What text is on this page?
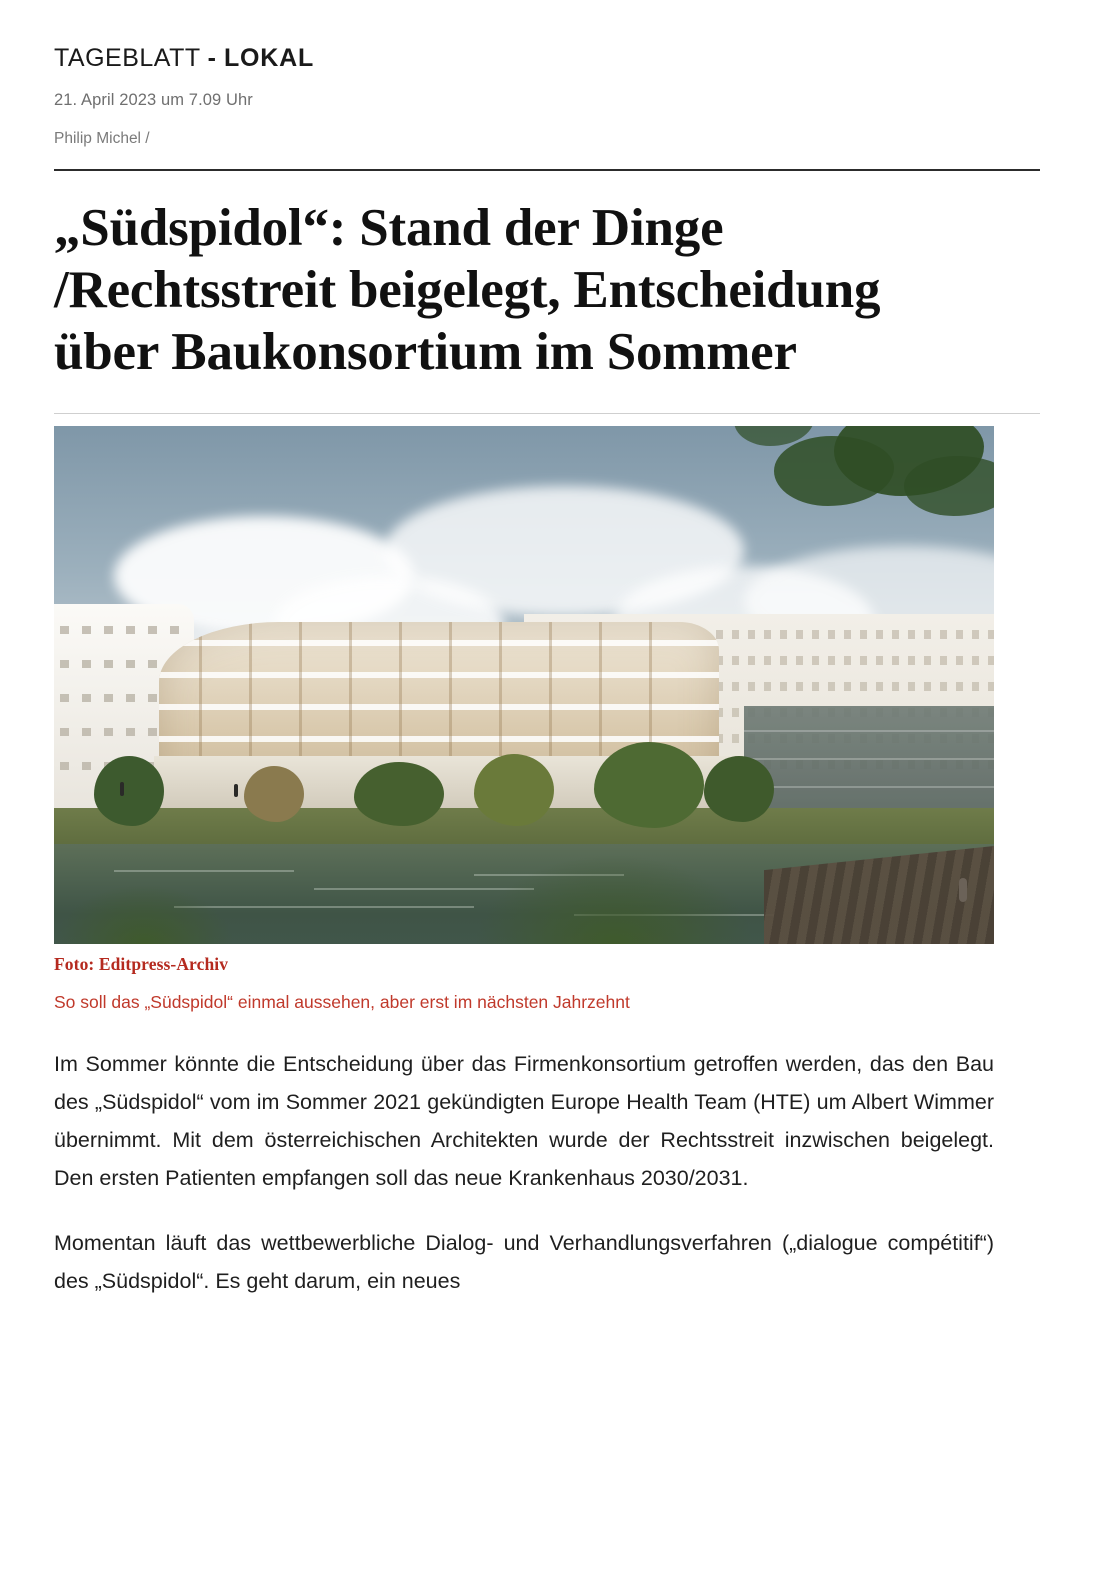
TAGEBLATT - LOKAL
21. April 2023 um 7.09 Uhr
Philip Michel /
„Südspidol“: Stand der Dinge /Rechtsstreit beigelegt, Entscheidung über Baukonsortium im Sommer
Foto: Editpress-Archiv
So soll das „Südspidol“ einmal aussehen, aber erst im nächsten Jahrzehnt

Im Sommer könnte die Entscheidung über das Firmenkonsortium getroffen werden, das den Bau des „Südspidol“ vom im Sommer 2021 gekündigten Europe Health Team (HTE) um Albert Wimmer übernimmt. Mit dem österreichischen Architekten wurde der Rechtsstreit inzwischen beigelegt. Den ersten Patienten empfangen soll das neue Krankenhaus 2030/2031.

Momentan läuft das wettbewerbliche Dialog- und Verhandlungsverfahren („dialogue compétitif“) des „Südspidol“. Es geht darum, ein neues
